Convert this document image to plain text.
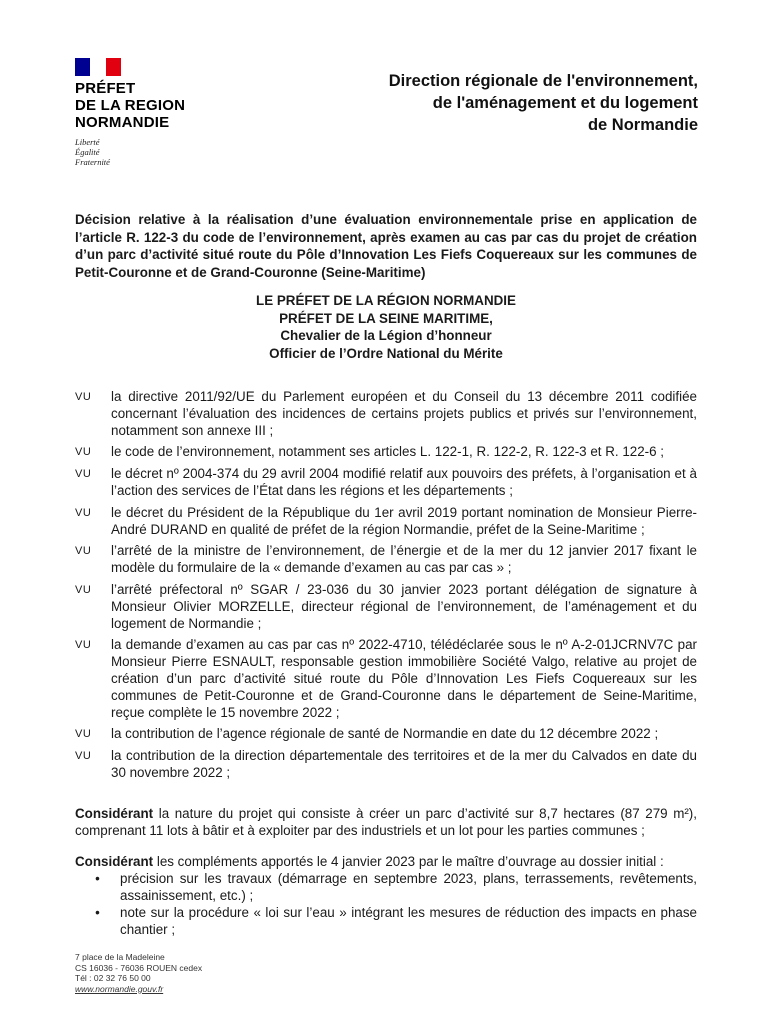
PRÉFET
DE LA REGION
NORMANDIE
Liberté
Égalité
Fraternité
Direction régionale de l'environnement,
de l'aménagement et du logement
de Normandie
Décision relative à la réalisation d’une évaluation environnementale prise en application de l’article R. 122-3 du code de l’environnement, après examen au cas par cas du projet de création d’un parc d’activité situé route du Pôle d’Innovation Les Fiefs Coquereaux sur les communes de Petit-Couronne et de Grand-Couronne (Seine-Maritime)
LE PRÉFET DE LA RÉGION NORMANDIE
PRÉFET DE LA SEINE MARITIME,
Chevalier de la Légion d’honneur
Officier de l’Ordre National du Mérite
VU	la directive 2011/92/UE du Parlement européen et du Conseil du 13 décembre 2011 codifiée concernant l’évaluation des incidences de certains projets publics et privés sur l’environnement, notamment son annexe III ;
VU	le code de l’environnement, notamment ses articles L. 122-1, R. 122-2, R. 122-3 et R. 122-6 ;
VU	le décret nº 2004-374 du 29 avril 2004 modifié relatif aux pouvoirs des préfets, à l’organisation et à l’action des services de l’État dans les régions et les départements ;
VU	le décret du Président de la République du 1er avril 2019 portant nomination de Monsieur Pierre-André DURAND en qualité de préfet de la région Normandie, préfet de la Seine-Maritime ;
VU	l’arrêté de la ministre de l’environnement, de l’énergie et de la mer du 12 janvier 2017 fixant le modèle du formulaire de la « demande d’examen au cas par cas » ;
VU	l’arrêté préfectoral nº SGAR / 23-036 du 30 janvier 2023 portant délégation de signature à Monsieur Olivier MORZELLE, directeur régional de l’environnement, de l’aménagement et du logement de Normandie ;
VU	la demande d’examen au cas par cas nº 2022-4710, télédéclarée sous le nº A-2-01JCRNV7C par Monsieur Pierre ESNAULT, responsable gestion immobilière Société Valgo, relative au projet de création d’un parc d’activité situé route du Pôle d’Innovation Les Fiefs Coquereaux sur les communes de Petit-Couronne et de Grand-Couronne dans le département de Seine-Maritime, reçue complète le 15 novembre 2022 ;
VU	la contribution de l’agence régionale de santé de Normandie en date du 12 décembre 2022 ;
VU	la contribution de la direction départementale des territoires et de la mer du Calvados en date du 30 novembre 2022 ;
Considérant la nature du projet qui consiste à créer un parc d’activité sur 8,7 hectares (87 279 m²), comprenant 11 lots à bâtir et à exploiter par des industriels et un lot pour les parties communes ;
Considérant les compléments apportés le 4 janvier 2023 par le maître d’ouvrage au dossier initial :
•	précision sur les travaux (démarrage en septembre 2023, plans, terrassements, revêtements, assainissement, etc.) ;
•	note sur la procédure « loi sur l’eau » intégrant les mesures de réduction des impacts en phase chantier ;
7 place de la Madeleine
CS 16036 - 76036 ROUEN cedex
Tél : 02 32 76 50 00
www.normandie.gouv.fr
